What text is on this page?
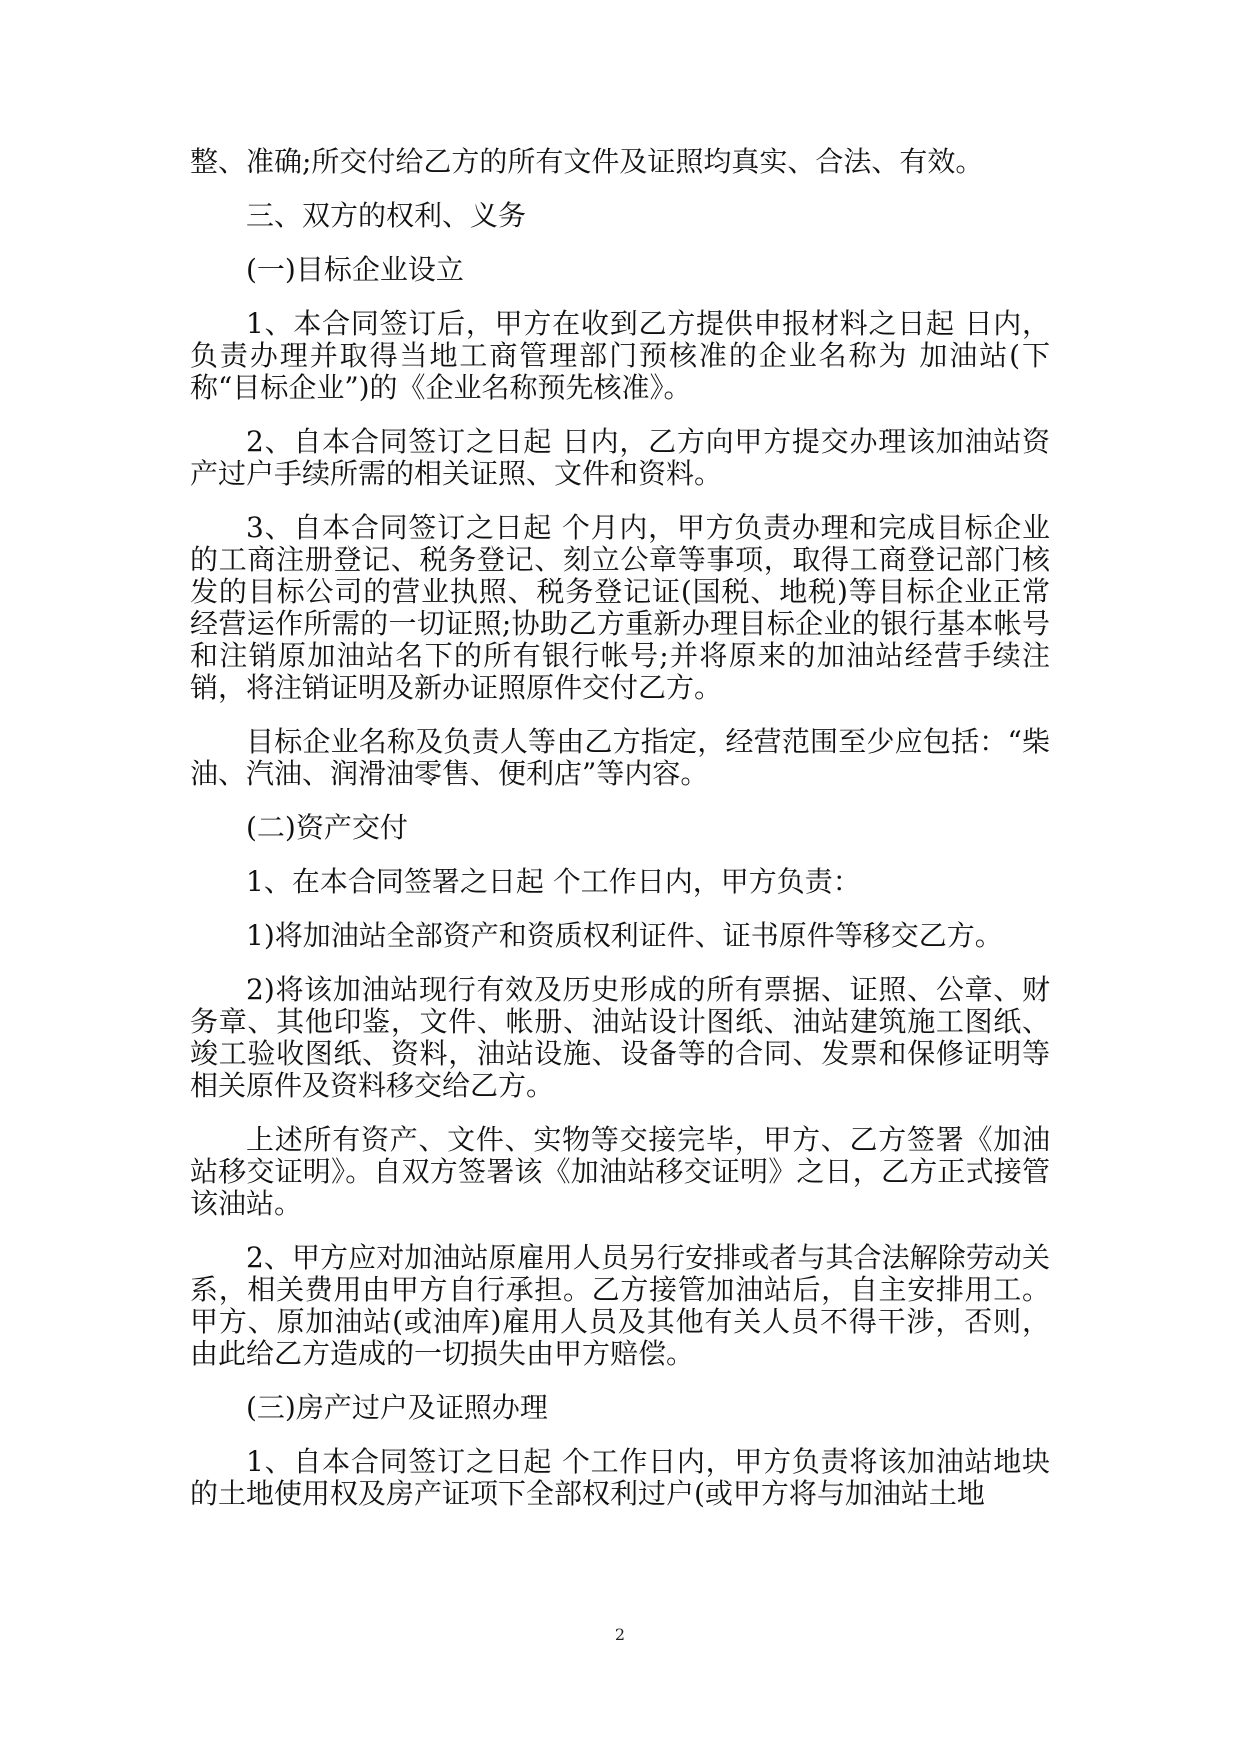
整、准确;所交付给乙方的所有文件及证照均真实、合法、有效。

三、双方的权利、义务

(一)目标企业设立

1、本合同签订后，甲方在收到乙方提供申报材料之日起 日内，负责办理并取得当地工商管理部门预核准的企业名称为 加油站(下称“目标企业”)的《企业名称预先核准》。

2、自本合同签订之日起 日内，乙方向甲方提交办理该加油站资产过户手续所需的相关证照、文件和资料。

3、自本合同签订之日起 个月内，甲方负责办理和完成目标企业的工商注册登记、税务登记、刻立公章等事项，取得工商登记部门核发的目标公司的营业执照、税务登记证(国税、地税)等目标企业正常经营运作所需的一切证照;协助乙方重新办理目标企业的银行基本帐号和注销原加油站名下的所有银行帐号;并将原来的加油站经营手续注销，将注销证明及新办证照原件交付乙方。

目标企业名称及负责人等由乙方指定，经营范围至少应包括：“柴油、汽油、润滑油零售、便利店”等内容。

(二)资产交付

1、在本合同签署之日起 个工作日内，甲方负责：

1)将加油站全部资产和资质权利证件、证书原件等移交乙方。

2)将该加油站现行有效及历史形成的所有票据、证照、公章、财务章、其他印鉴，文件、帐册、油站设计图纸、油站建筑施工图纸、竣工验收图纸、资料，油站设施、设备等的合同、发票和保修证明等相关原件及资料移交给乙方。

上述所有资产、文件、实物等交接完毕，甲方、乙方签署《加油站移交证明》。自双方签署该《加油站移交证明》之日，乙方正式接管该油站。

2、甲方应对加油站原雇用人员另行安排或者与其合法解除劳动关系，相关费用由甲方自行承担。乙方接管加油站后，自主安排用工。甲方、原加油站(或油库)雇用人员及其他有关人员不得干涉，否则，由此给乙方造成的一切损失由甲方赔偿。

(三)房产过户及证照办理

1、自本合同签订之日起 个工作日内，甲方负责将该加油站地块的土地使用权及房产证项下全部权利过户(或甲方将与加油站土地

2
